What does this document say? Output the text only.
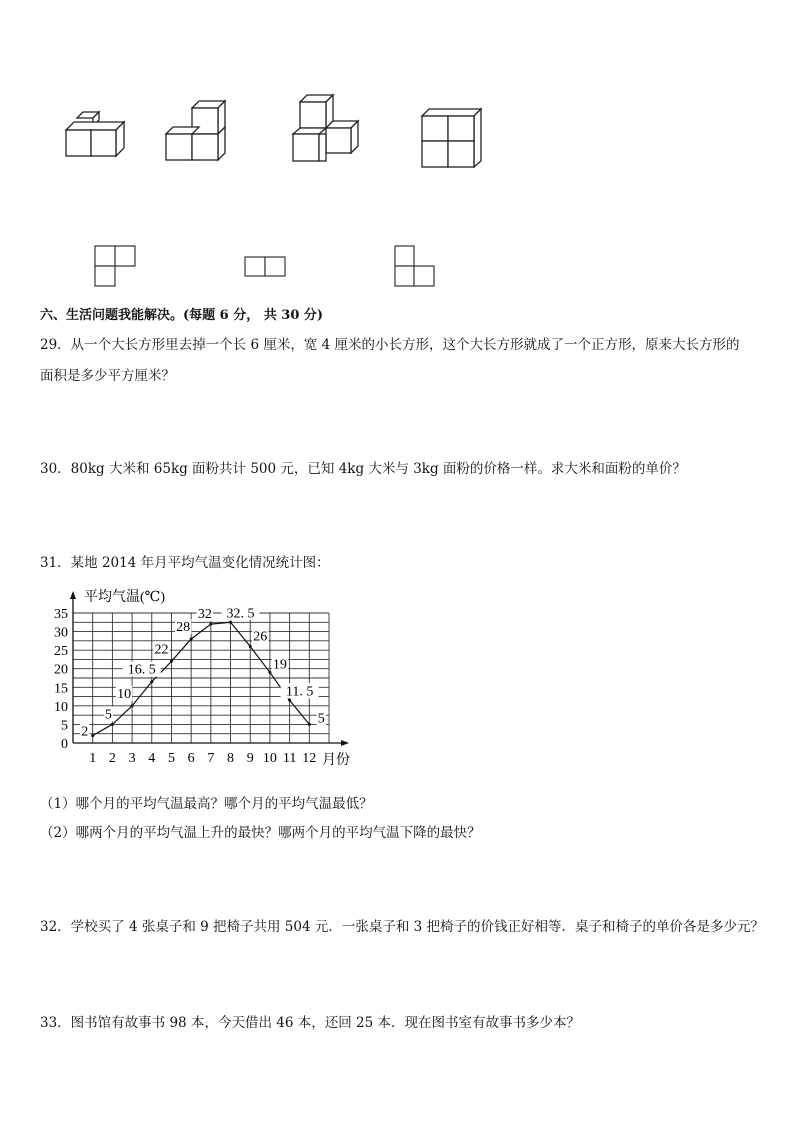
六、生活问题我能解决。(每题 6 分， 共 30 分)
29．从一个大长方形里去掉一个长 6 厘米，宽 4 厘米的小长方形，这个大长方形就成了一个正方形，原来大长方形的
面积是多少平方厘米？
30．80kg 大米和 65kg 面粉共计 500 元，已知 4kg 大米与 3kg 面粉的价格一样。求大米和面粉的单价？
31．某地 2014 年月平均气温变化情况统计图：
0
5
10
15
20
25
30
35
1 2 3 4 5 6 7 8 9 10 11 12
2
5
10
16. 5
22
28
32 32. 5
26
19
11. 5
5
平均气温(℃)
月份
（1）哪个月的平均气温最高？哪个月的平均气温最低？
（2）哪两个月的平均气温上升的最快？哪两个月的平均气温下降的最快？
32．学校买了 4 张桌子和 9 把椅子共用 504 元．一张桌子和 3 把椅子的价钱正好相等．桌子和椅子的单价各是多少元？
33．图书馆有故事书 98 本，今天借出 46 本，还回 25 本．现在图书室有故事书多少本？
